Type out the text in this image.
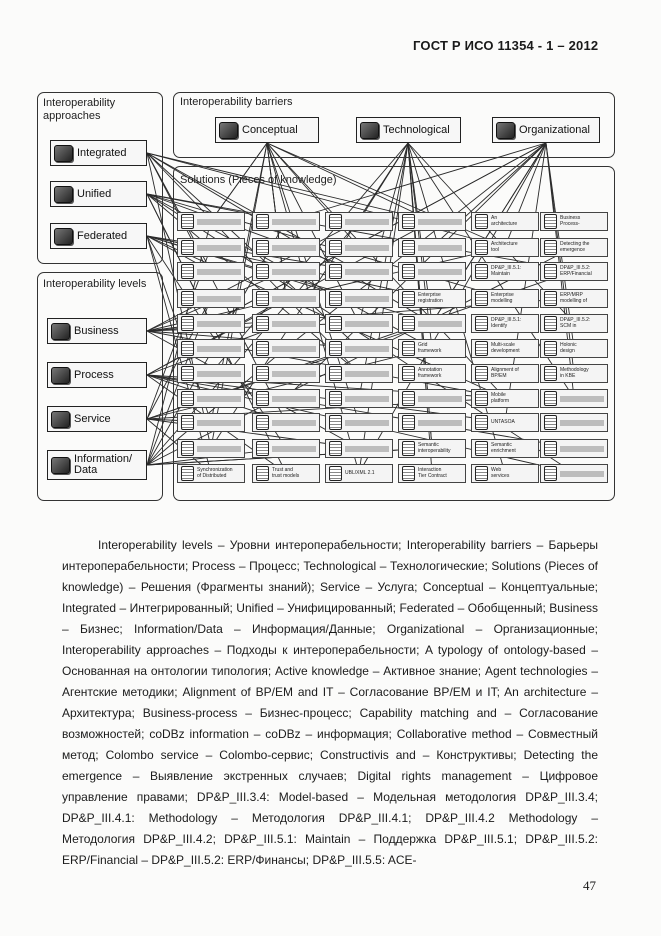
ГОСТ Р ИСО 11354 - 1 – 2012
Interoperability
approaches
Integrated
Unified
Federated
Interoperability barriers
Conceptual	Technological	Organizational
Interoperability levels
Business
Process
Service
Information/
Data
Solutions (Pieces of knowledge)
Synchronization
of Distributed
Trust and
trust models	UBL/XML 2.1
Enterprise
registration
Grid
framework
Annotation
framework
Semantic
interoperability
Interaction
Tier Contract
An
architecture
Architecture
tool
DP&P_III.5.1:
Maintain
Enterprise
modelling
DP&P_III.5.1:
Identify
Multi-scale
development
Alignment of
BP/EM
Mobile
platform
UNTASOA
Semantic
enrichment
Web
services
Business
Process-
Detecting the
emergence
DP&P_III.5.2:
ERP/Financial
ERP/MRP
modelling of
DP&P_III.5.2:
SCM in
Holonic
design
Methodology
in KBE
Interoperability levels – Уровни интероперабельности; Interoperability barriers – Барьеры интероперабельности; Process – Процесс; Technological – Технологические; Solutions (Pieces of knowledge) – Решения (Фрагменты знаний); Service – Услуга; Conceptual – Концептуальные; Integrated – Интегрированный; Unified – Унифицированный; Federated – Обобщенный; Business – Бизнес; Information/Data – Информация/Данные; Organizational – Организационные; Interoperability approaches – Подходы к интероперабельности; A typology of ontology-based – Основанная на онтологии типология; Active knowledge – Активное знание; Agent technologies – Агентские методики; Alignment of BP/EM and IT – Согласование BP/EM и IT; An architecture – Архитектура; Business-process – Бизнес-процесс; Capability matching and – Согласование возможностей; coDBz information – coDBz – информация; Collaborative method – Совместный метод; Colombo service – Colombo-сервис; Constructivis and – Конструктивы; Detecting the emergence – Выявление экстренных случаев; Digital rights management – Цифровое управление правами; DP&P_III.3.4: Model-based – Модельная методология DP&P_III.3.4; DP&P_III.4.1: Methodology – Методология DP&P_III.4.1; DP&P_III.4.2 Methodology – Методология DP&P_III.4.2; DP&P_III.5.1: Maintain – Поддержка DP&P_III.5.1; DP&P_III.5.2: ERP/Financial – DP&P_III.5.2: ERP/Финансы; DP&P_III.5.5: ACE-
47
